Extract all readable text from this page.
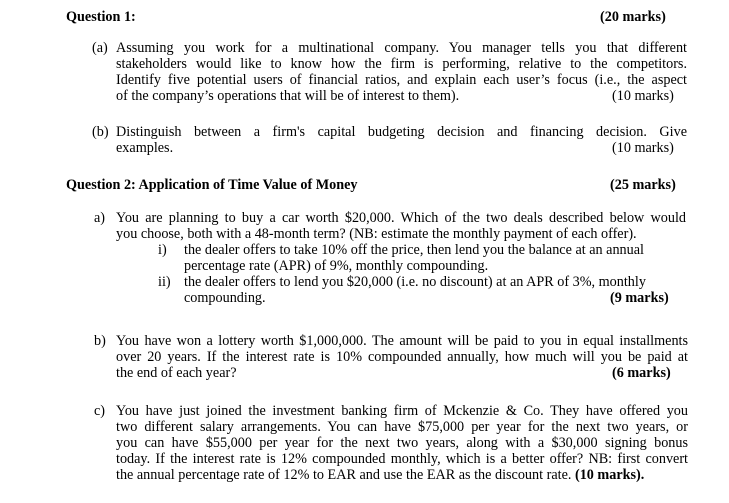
Question 1:	(20 marks)
(a) Assuming you work for a multinational company. You manager tells you that different
stakeholders would like to know how the firm is performing, relative to the competitors.
Identify five potential users of financial ratios, and explain each user’s focus (i.e., the aspect
of the company’s operations that will be of interest to them).	(10 marks)
(b) Distinguish between a firm's capital budgeting decision and financing decision. Give
examples.	(10 marks)
Question 2: Application of Time Value of Money	(25 marks)
a) You are planning to buy a car worth $20,000. Which of the two deals described below would
you choose, both with a 48-month term? (NB: estimate the monthly payment of each offer).
i) the dealer offers to take 10% off the price, then lend you the balance at an annual
percentage rate (APR) of 9%, monthly compounding.
ii) the dealer offers to lend you $20,000 (i.e. no discount) at an APR of 3%, monthly
compounding.	(9 marks)
b) You have won a lottery worth $1,000,000. The amount will be paid to you in equal installments
over 20 years. If the interest rate is 10% compounded annually, how much will you be paid at
the end of each year?	(6 marks)
c) You have just joined the investment banking firm of Mckenzie & Co. They have offered you
two different salary arrangements. You can have $75,000 per year for the next two years, or
you can have $55,000 per year for the next two years, along with a $30,000 signing bonus
today. If the interest rate is 12% compounded monthly, which is a better offer? NB: first convert
the annual percentage rate of 12% to EAR and use the EAR as the discount rate. (10 marks).
